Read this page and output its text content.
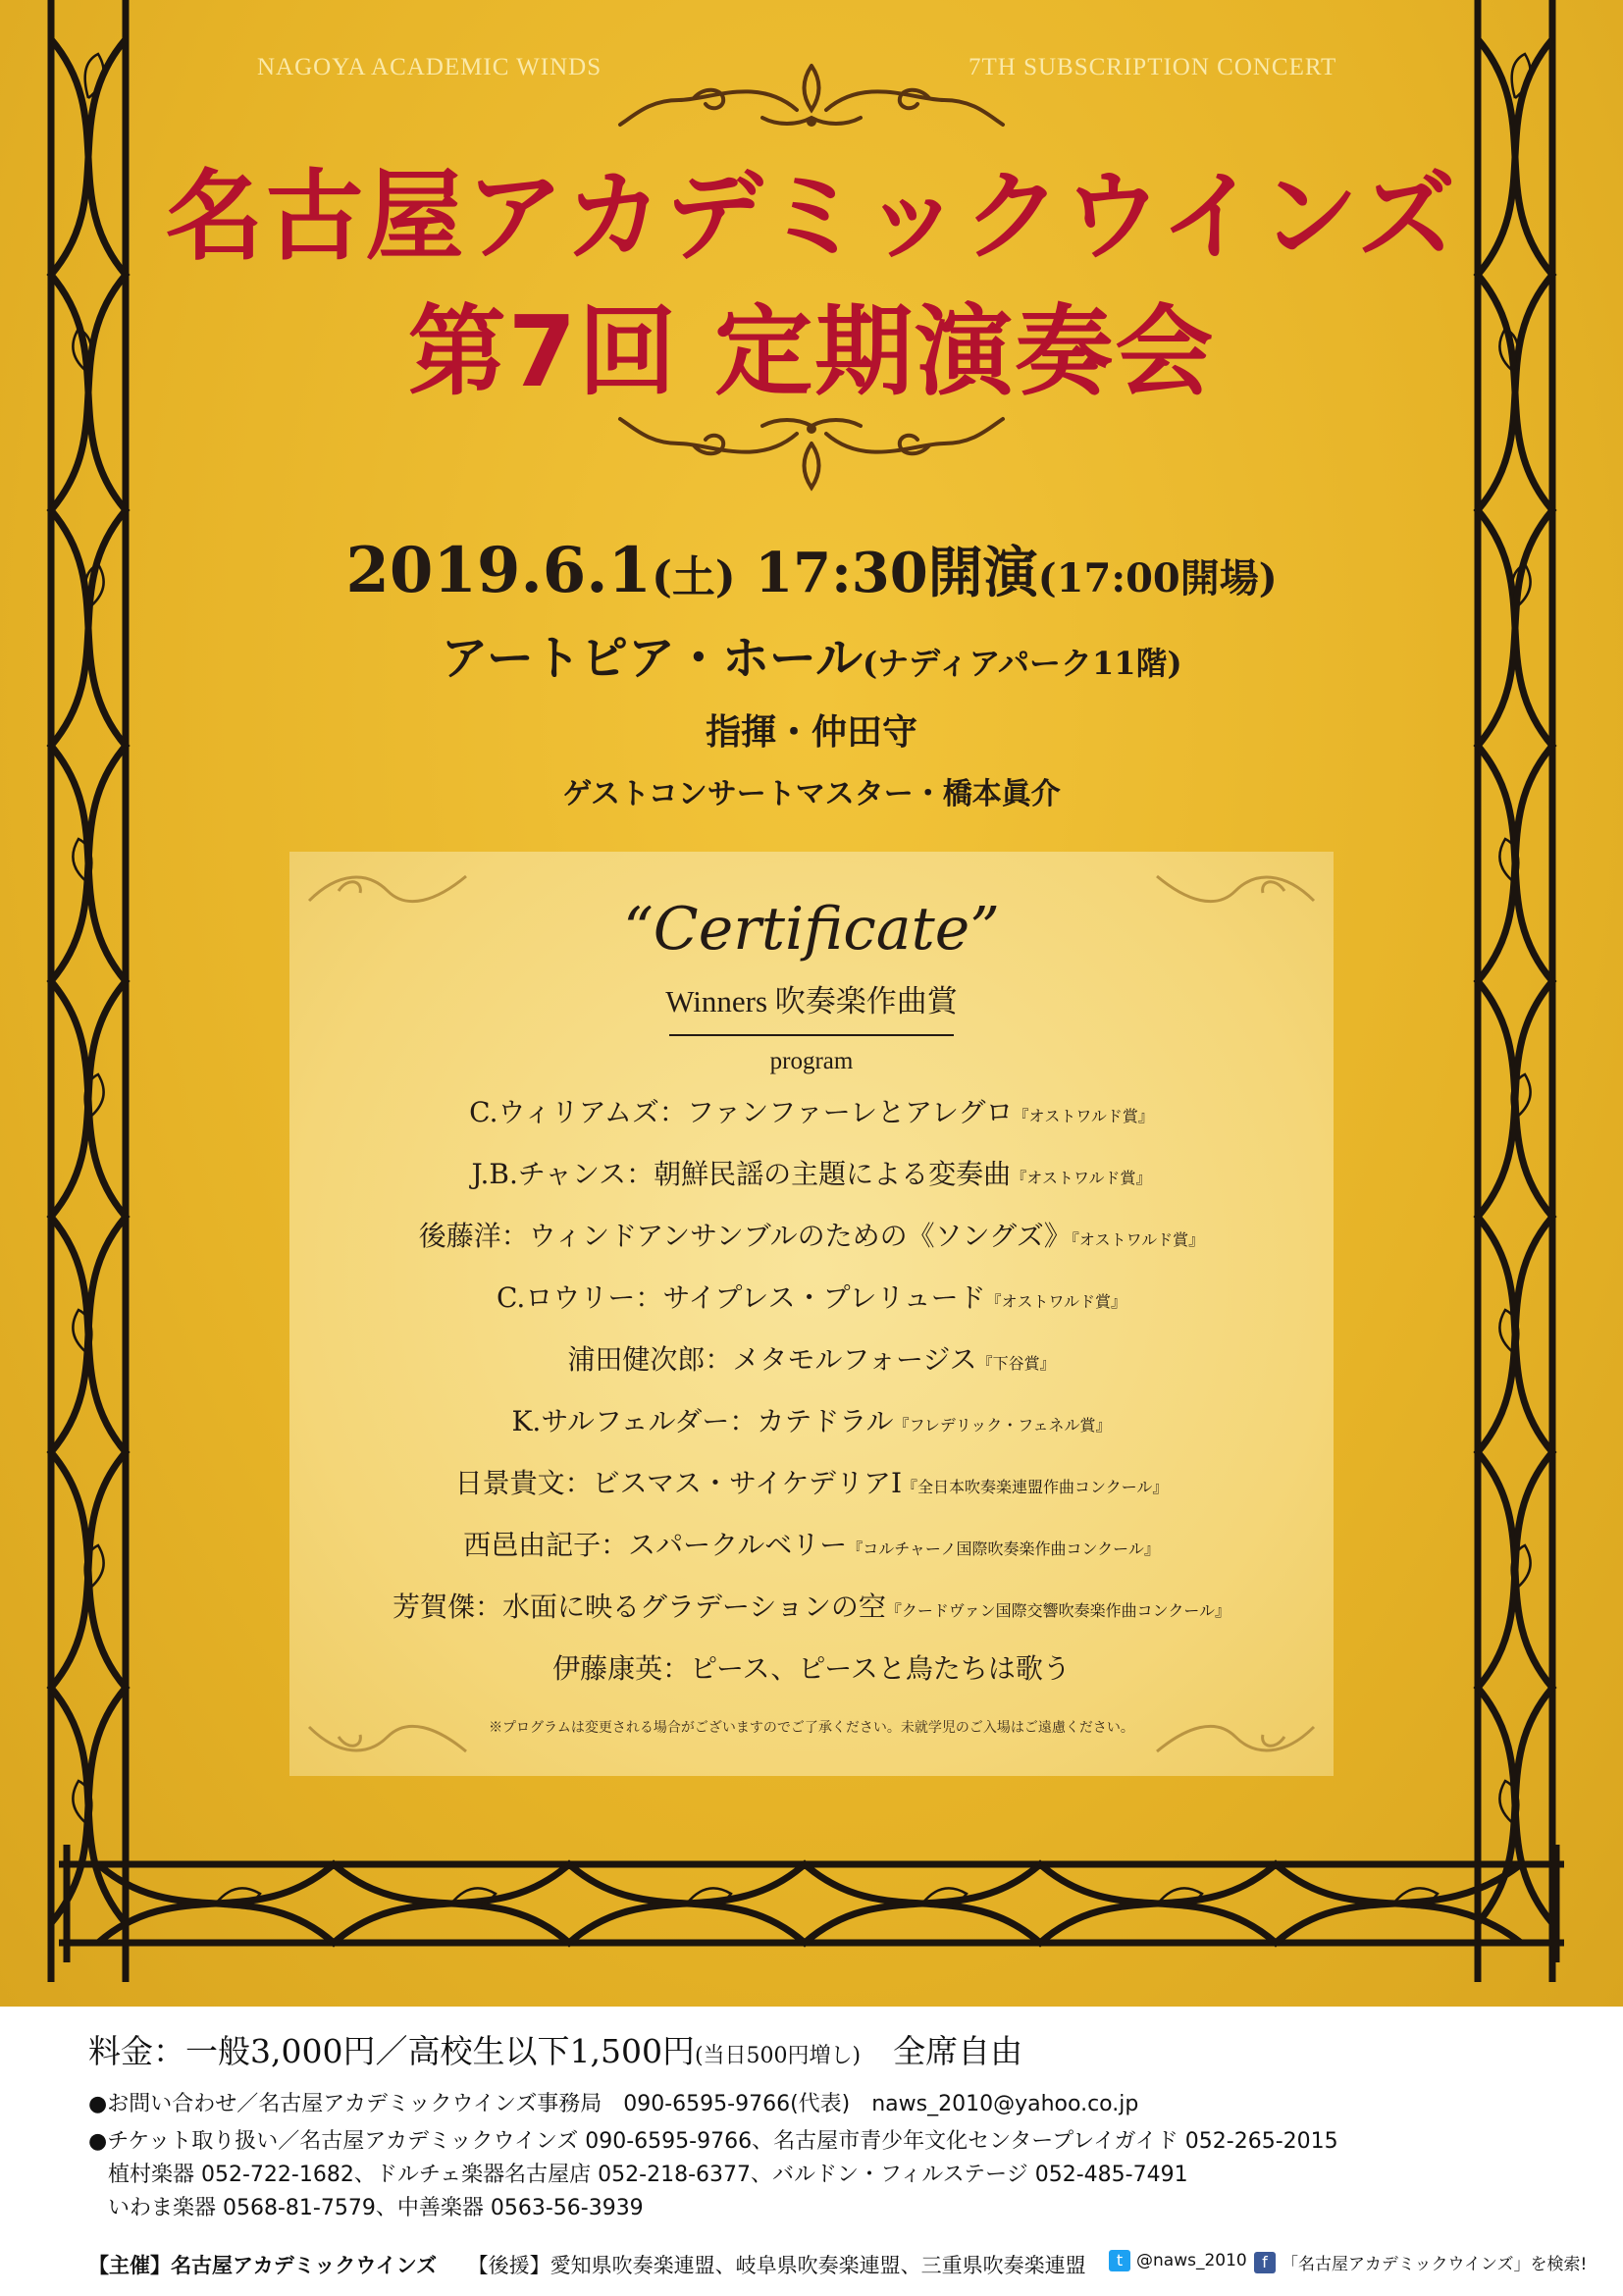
NAGOYA ACADEMIC WINDS	7TH SUBSCRIPTION CONCERT
名古屋アカデミックウインズ
第7回 定期演奏会
2019.6.1(土) 17:30開演(17:00開場)
アートピア・ホール(ナディアパーク11階)
指揮・仲田守
ゲストコンサートマスター・橋本眞介
“Certificate”
Winners 吹奏楽作曲賞
program
C.ウィリアムズ：ファンファーレとアレグロ『オストワルド賞』
J.B.チャンス：朝鮮民謡の主題による変奏曲『オストワルド賞』
後藤洋：ウィンドアンサンブルのための《ソングズ》『オストワルド賞』
C.ロウリー：サイプレス・プレリュード『オストワルド賞』
浦田健次郎：メタモルフォージス『下谷賞』
K.サルフェルダー：カテドラル『フレデリック・フェネル賞』
日景貴文：ビスマス・サイケデリアⅠ『全日本吹奏楽連盟作曲コンクール』
西邑由記子：スパークルベリー『コルチャーノ国際吹奏楽作曲コンクール』
芳賀傑：水面に映るグラデーションの空『クードヴァン国際交響吹奏楽作曲コンクール』
伊藤康英：ピース、ピースと鳥たちは歌う
※プログラムは変更される場合がございますのでご了承ください。未就学児のご入場はご遠慮ください。
料金：一般3,000円／高校生以下1,500円(当日500円増し)　 全席自由
●お問い合わせ／名古屋アカデミックウインズ事務局　090-6595-9766(代表)　naws_2010@yahoo.co.jp
●チケット取り扱い／名古屋アカデミックウインズ 090-6595-9766、名古屋市青少年文化センタープレイガイド 052-265-2015
植村楽器 052-722-1682、ドルチェ楽器名古屋店 052-218-6377、バルドン・フィルステージ 052-485-7491
いわま楽器 0568-81-7579、中善楽器 0563-56-3939
【主催】名古屋アカデミックウインズ　　 【後援】愛知県吹奏楽連盟、岐阜県吹奏楽連盟、三重県吹奏楽連盟	t @naws_2010 f 「名古屋アカデミックウインズ」を検索!
